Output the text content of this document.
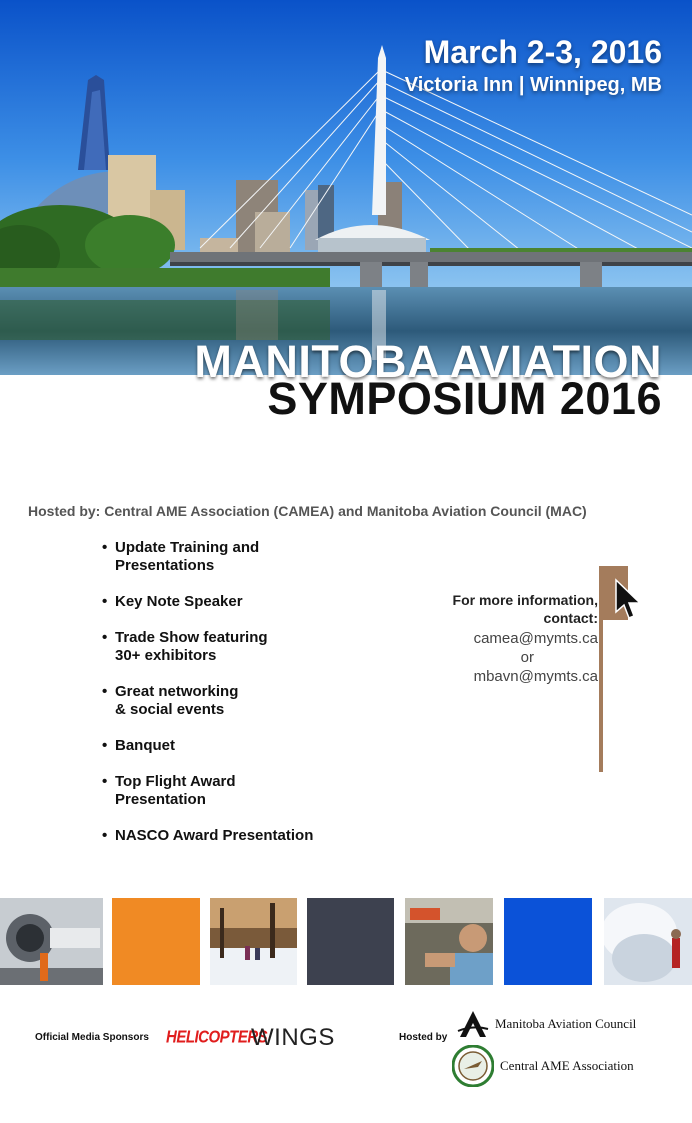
March 2-3, 2016
Victoria Inn | Winnipeg, MB
MANITOBA AVIATION
SYMPOSIUM 2016
Hosted by: Central AME Association (CAMEA) and Manitoba Aviation Council (MAC)
• Update Training and
Presentations
• Key Note Speaker
• Trade Show featuring
30+ exhibitors
• Great networking
& social events
• Banquet
• Top Flight Award
Presentation
• NASCO Award Presentation
For more information,
contact:
camea@mymts.ca
or
mbavn@mymts.ca
Official Media Sponsors HELICOPTERS
WINGS	Hosted by
Manitoba Aviation Council
Central AME Association
